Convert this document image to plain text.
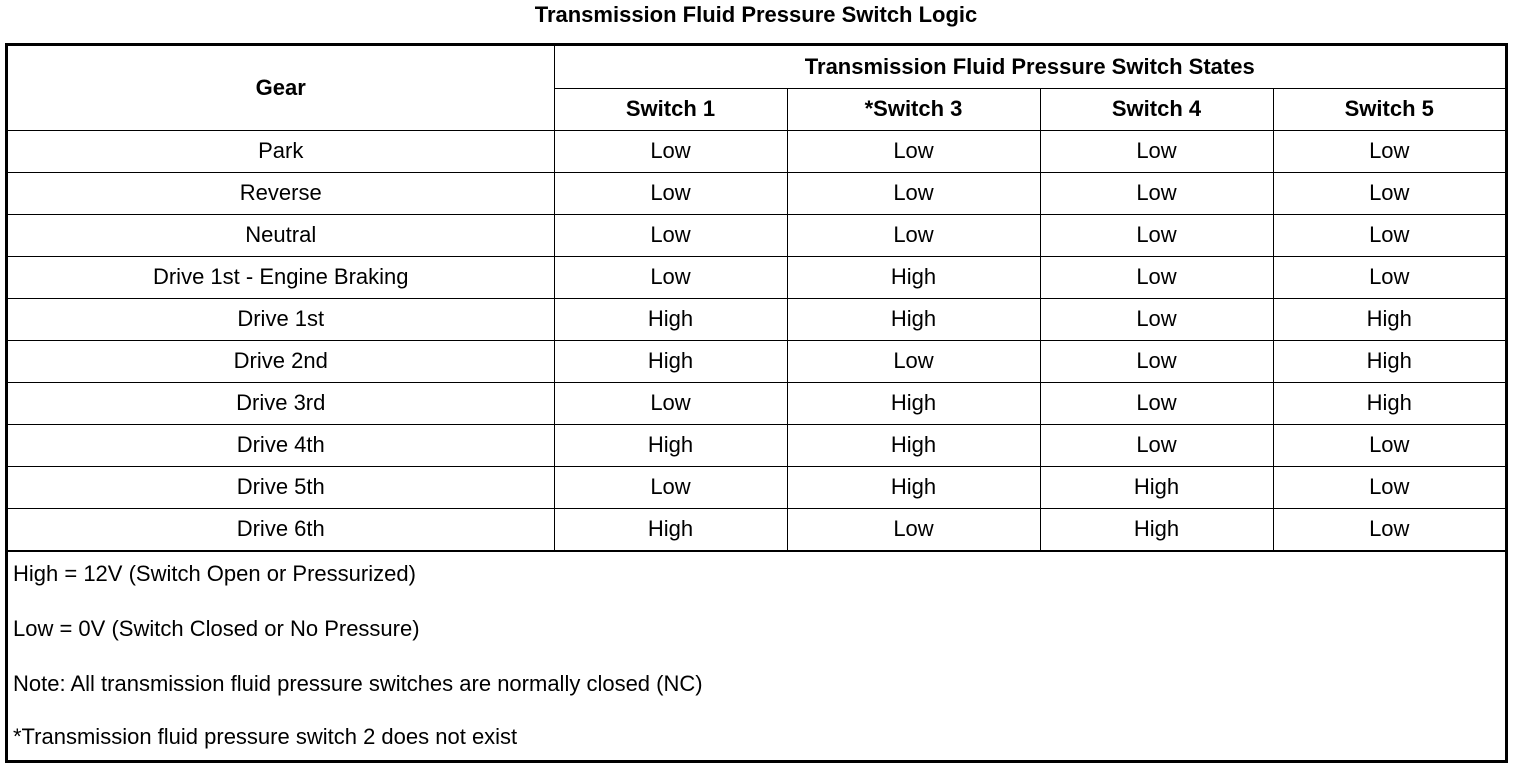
Transmission Fluid Pressure Switch Logic
Gear	Transmission Fluid Pressure Switch States			
	Switch 1	*Switch 3	Switch 4	Switch 5
Park	Low	Low	Low	Low
Reverse	Low	Low	Low	Low
Neutral	Low	Low	Low	Low
Drive 1st - Engine Braking	Low	High	Low	Low
Drive 1st	High	High	Low	High
Drive 2nd	High	Low	Low	High
Drive 3rd	Low	High	Low	High
Drive 4th	High	High	Low	Low
Drive 5th	Low	High	High	Low
Drive 6th	High	Low	High	Low
High = 12V (Switch Open or Pressurized)
Low = 0V (Switch Closed or No Pressure)
Note: All transmission fluid pressure switches are normally closed (NC)
*Transmission fluid pressure switch 2 does not exist
